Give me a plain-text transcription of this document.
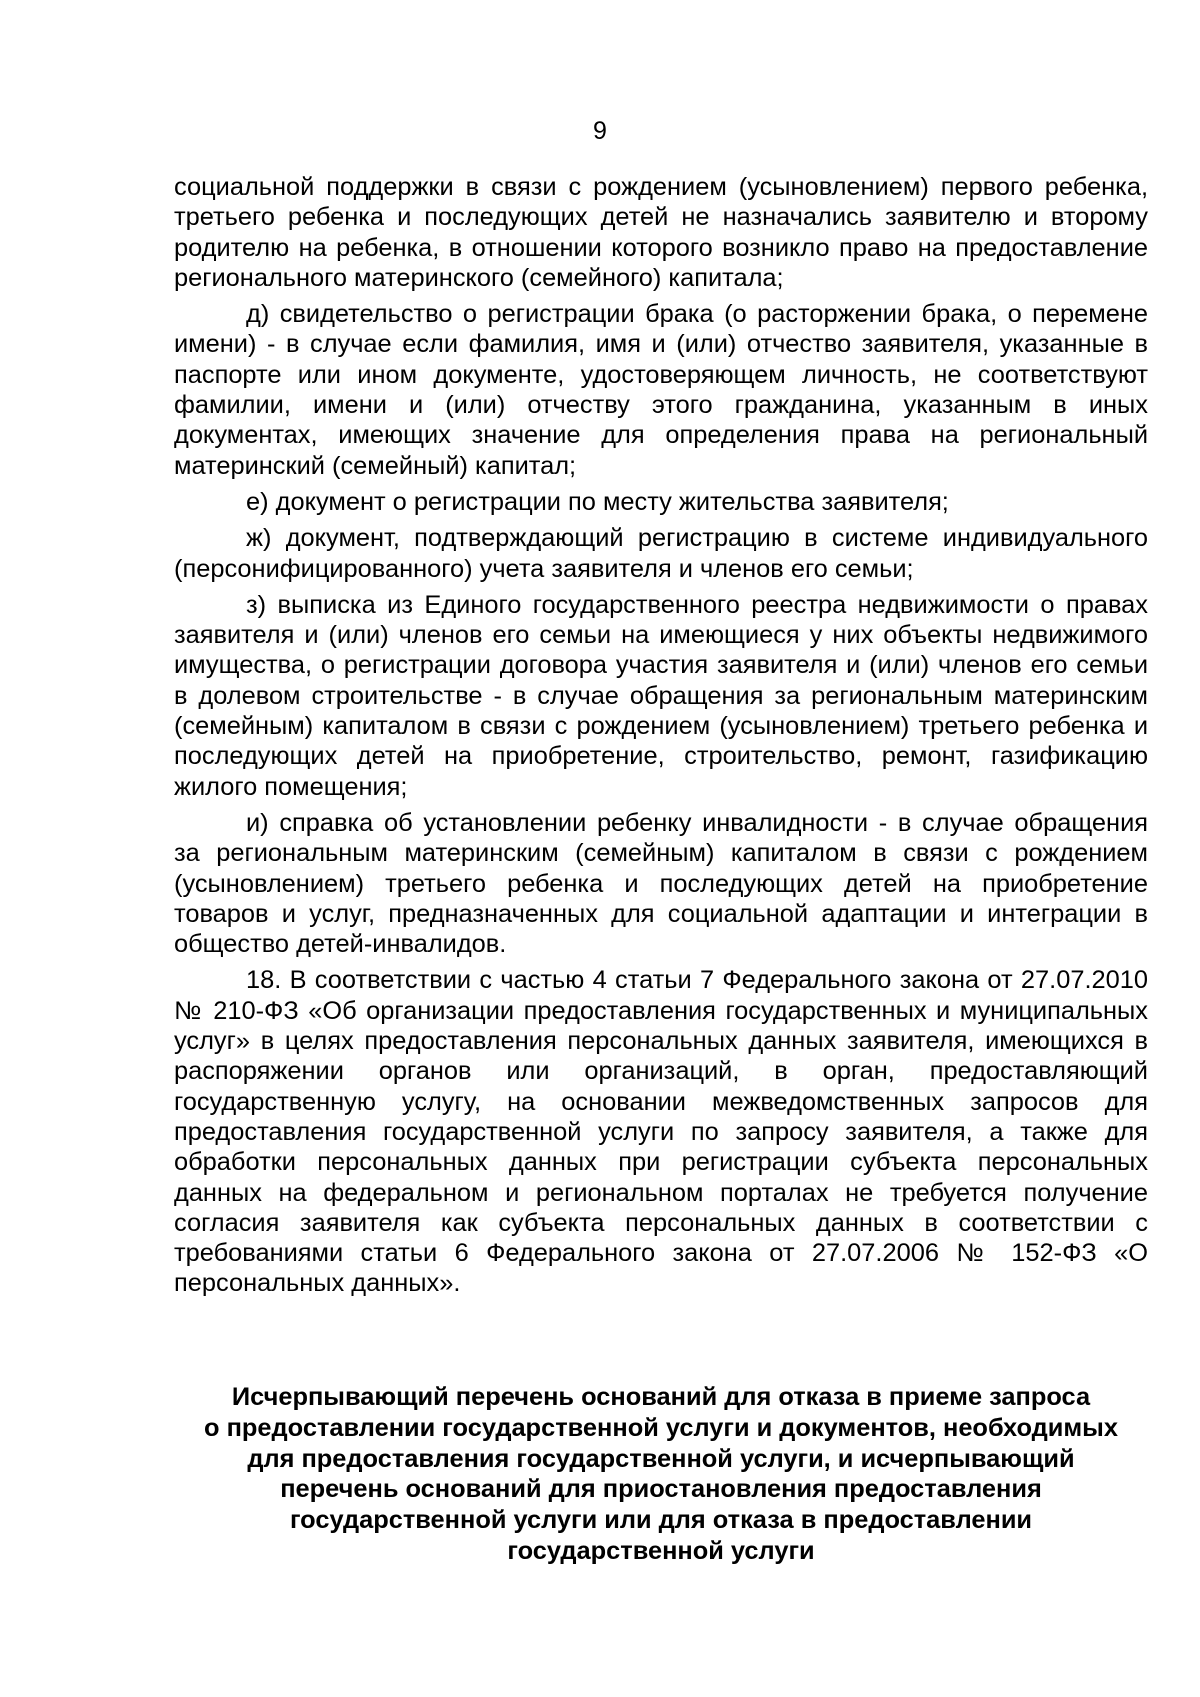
9

социальной поддержки в связи с рождением (усыновлением) первого ребенка, третьего ребенка и последующих детей не назначались заявителю и второму родителю на ребенка, в отношении которого возникло право на предоставление регионального материнского (семейного) капитала;

д) свидетельство о регистрации брака (о расторжении брака, о перемене имени) - в случае если фамилия, имя и (или) отчество заявителя, указанные в паспорте или ином документе, удостоверяющем личность, не соответствуют фамилии, имени и (или) отчеству этого гражданина, указанным в иных документах, имеющих значение для определения права на региональный материнский (семейный) капитал;

е) документ о регистрации по месту жительства заявителя;

ж) документ, подтверждающий регистрацию в системе индивидуального (персонифицированного) учета заявителя и членов его семьи;

з) выписка из Единого государственного реестра недвижимости о правах заявителя и (или) членов его семьи на имеющиеся у них объекты недвижимого имущества, о регистрации договора участия заявителя и (или) членов его семьи в долевом строительстве - в случае обращения за региональным материнским (семейным) капиталом в связи с рождением (усыновлением) третьего ребенка и последующих детей на приобретение, строительство, ремонт, газификацию жилого помещения;

и) справка об установлении ребенку инвалидности - в случае обращения за региональным материнским (семейным) капиталом в связи с рождением (усыновлением) третьего ребенка и последующих детей на приобретение товаров и услуг, предназначенных для социальной адаптации и интеграции в общество детей-инвалидов.

18. В соответствии с частью 4 статьи 7 Федерального закона от 27.07.2010 № 210-ФЗ «Об организации предоставления государственных и муниципальных услуг» в целях предоставления персональных данных заявителя, имеющихся в распоряжении органов или организаций, в орган, предоставляющий государственную услугу, на основании межведомственных запросов для предоставления государственной услуги по запросу заявителя, а также для обработки персональных данных при регистрации субъекта персональных данных на федеральном и региональном порталах не требуется получение согласия заявителя как субъекта персональных данных в соответствии с требованиями статьи 6 Федерального закона от 27.07.2006 № 152-ФЗ «О персональных данных».

Исчерпывающий перечень оснований для отказа в приеме запроса
о предоставлении государственной услуги и документов, необходимых
для предоставления государственной услуги, и исчерпывающий
перечень оснований для приостановления предоставления
государственной услуги или для отказа в предоставлении
государственной услуги
